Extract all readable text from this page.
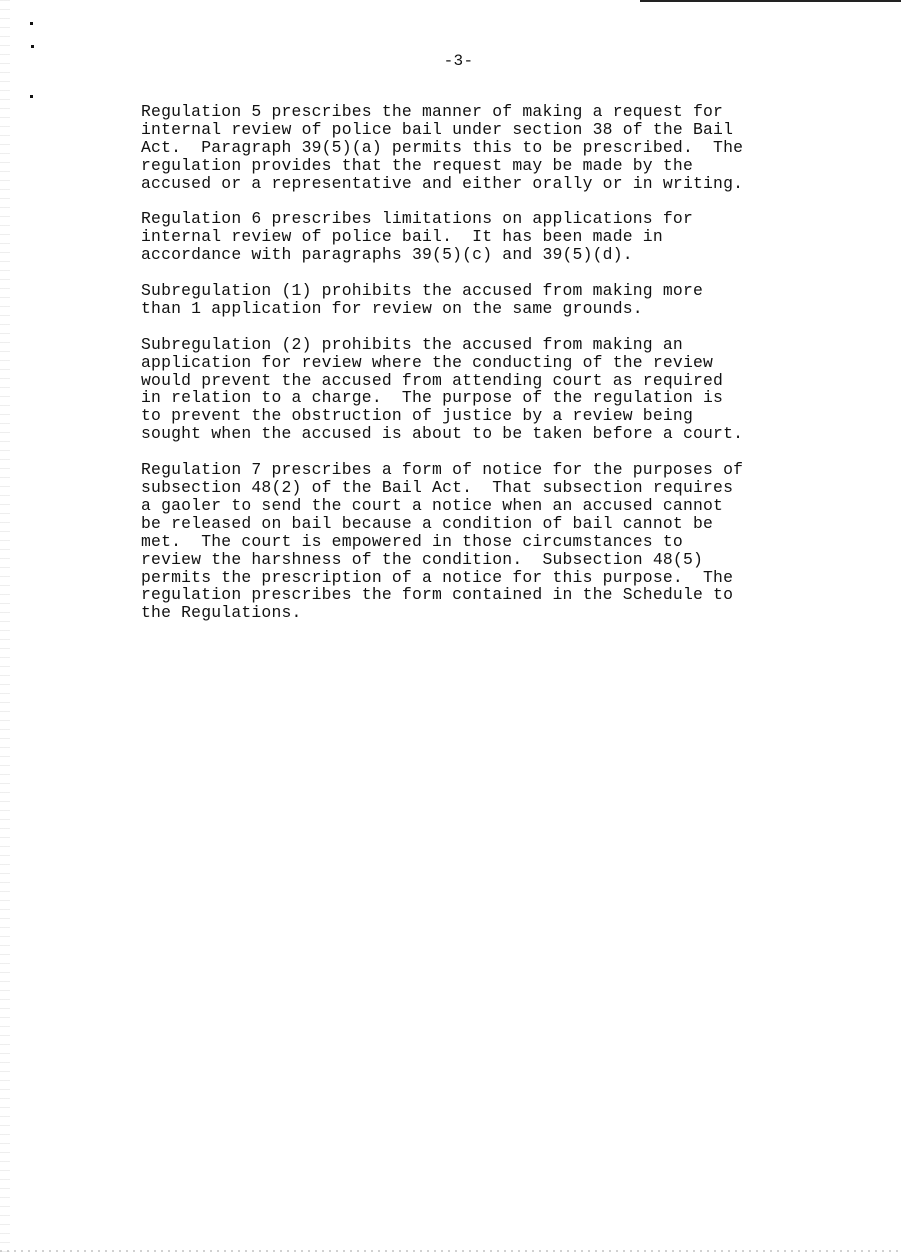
-3-
Regulation 5 prescribes the manner of making a request for
internal review of police bail under section 38 of the Bail
Act.  Paragraph 39(5)(a) permits this to be prescribed.  The
regulation provides that the request may be made by the
accused or a representative and either orally or in writing.
Regulation 6 prescribes limitations on applications for
internal review of police bail.  It has been made in
accordance with paragraphs 39(5)(c) and 39(5)(d).
Subregulation (1) prohibits the accused from making more
than 1 application for review on the same grounds.
Subregulation (2) prohibits the accused from making an
application for review where the conducting of the review
would prevent the accused from attending court as required
in relation to a charge.  The purpose of the regulation is
to prevent the obstruction of justice by a review being
sought when the accused is about to be taken before a court.
Regulation 7 prescribes a form of notice for the purposes of
subsection 48(2) of the Bail Act.  That subsection requires
a gaoler to send the court a notice when an accused cannot
be released on bail because a condition of bail cannot be
met.  The court is empowered in those circumstances to
review the harshness of the condition.  Subsection 48(5)
permits the prescription of a notice for this purpose.  The
regulation prescribes the form contained in the Schedule to
the Regulations.
